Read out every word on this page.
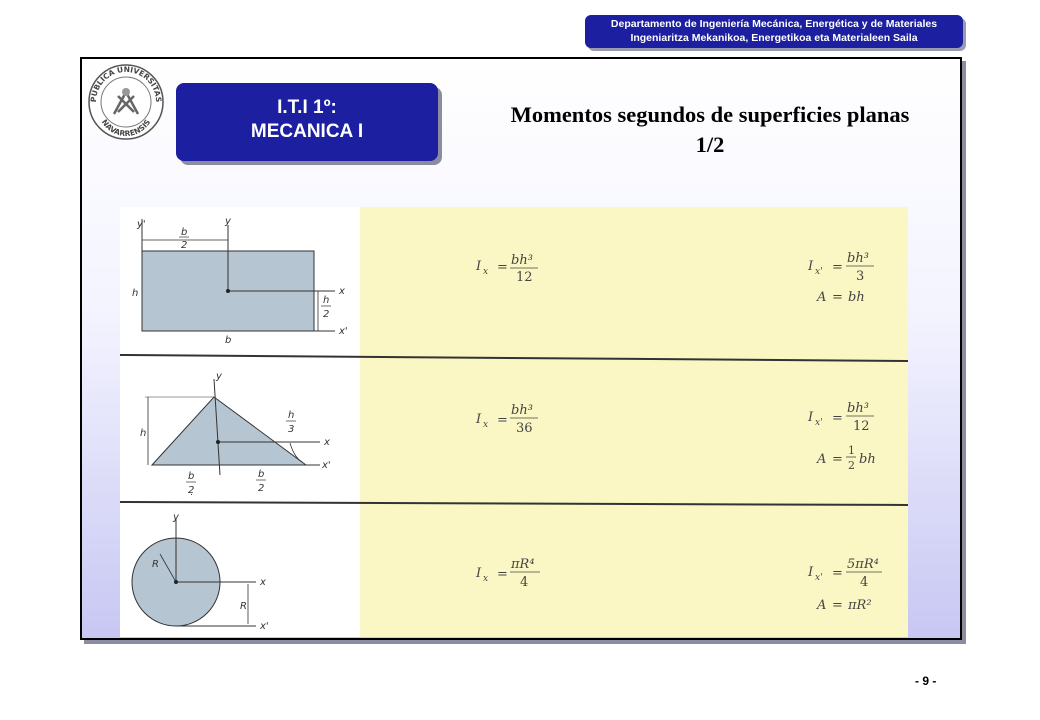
Departamento de Ingeniería Mecánica, Energética y de Materiales
Ingeniaritza Mekanikoa, Energetikoa eta Materialeen Saila
PUBLICA UNIVERSITAS
NAVARRENSIS
I.T.I 1º:
MECANICA I
Momentos segundos de superficies planas
1/2
y'	y
x
x'
h
b
b
2
h
2
y
x
x'
h
b
2̣
b
2
h
3
y
x
x'
R
R
I x = bh³
12
I x' =
bh³
3
A = bh
I x =
bh³
36
I x' =
bh³
12
A =
1
2 bh
I x =
πR⁴
4
I x' =
5πR⁴
4
A = πR²
- 9 -
